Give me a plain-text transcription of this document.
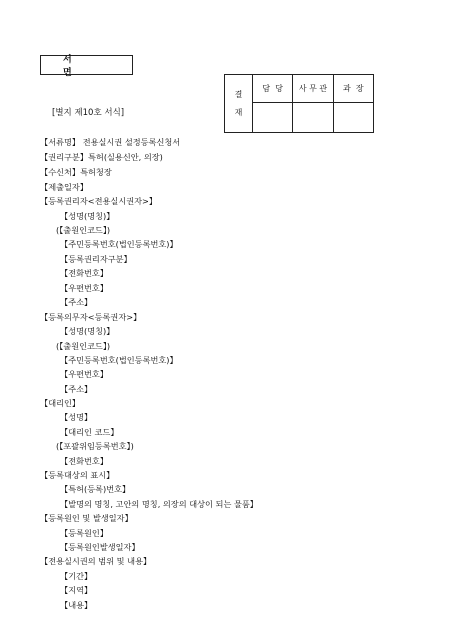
서 면
[별지 제10호 서식]
결
재
담  당	사 무 관	과  장
【서류명】 전용실시권 설정등록신청서
【권리구분】특허(실용신안, 의장)
【수신처】특허청장
【제출일자】
【등록권리자<전용실시권자>】
【성명(명칭)】
(【출원인코드】)
【주민등록번호(법인등록번호)】
【등록권리자구분】
【전화번호】
【우편번호】
【주소】
【등록의무자<등록권자>】
【성명(명칭)】
(【출원인코드】)
【주민등록번호(법인등록번호)】
【우편번호】
【주소】
【대리인】
【성명】
【대리인 코드】
(【포괄위임등록번호】)
【전화번호】
【등록대상의 표시】
【특허(등록)번호】
【발명의 명칭, 고안의 명칭, 의장의 대상이 되는 물품】
【등록원인 및 발생일자】
【등록원인】
【등록원인발생일자】
【전용실시권의 범위 및 내용】
【기간】
【지역】
【내용】
